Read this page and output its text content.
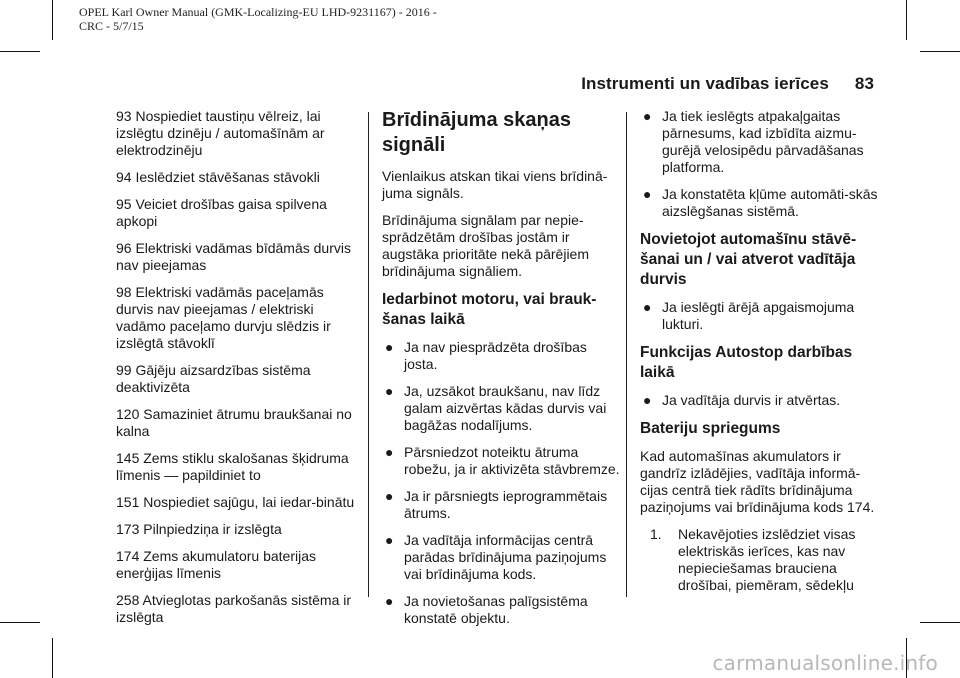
OPEL Karl Owner Manual (GMK-Localizing-EU LHD-9231167) - 2016 -
CRC - 5/7/15
Instrumenti un vadības ierīces 83

93 Nospiediet taustiņu vēlreiz, lai izslēgtu dzinēju / automašīnām ar elektrodzinēju

94 Ieslēdziet stāvēšanas stāvokli

95 Veiciet drošības gaisa spilvena apkopi

96 Elektriski vadāmas bīdāmās durvis nav pieejamas

98 Elektriski vadāmās paceļamās durvis nav pieejamas / elektriski vadāmo paceļamo durvju slēdzis ir izslēgtā stāvoklī

99 Gājēju aizsardzības sistēma deaktivizēta

120 Samaziniet ātrumu braukšanai no kalna

145 Zems stiklu skalošanas šķidruma līmenis — papildiniet to

151 Nospiediet sajūgu, lai iedar-binātu

173 Pilnpiedziņa ir izslēgta

174 Zems akumulatoru baterijas enerģijas līmenis

258 Atvieglotas parkošanās sistēma ir izslēgta

Brīdinājuma skaņas signāli

Vienlaikus atskan tikai viens brīdinā-juma signāls.

Brīdinājuma signālam par nepie-sprādzētām drošības jostām ir augstāka prioritāte nekā pārējiem brīdinājuma signāliem.

Iedarbinot motoru, vai brauk-šanas laikā
● Ja nav piesprādzēta drošības josta.
● Ja, uzsākot braukšanu, nav līdz galam aizvērtas kādas durvis vai bagāžas nodalījums.
● Pārsniedzot noteiktu ātruma robežu, ja ir aktivizēta stāvbremze.
● Ja ir pārsniegts ieprogrammētais ātrums.
● Ja vadītāja informācijas centrā parādas brīdinājuma paziņojums vai brīdinājuma kods.
● Ja novietošanas palīgsistēma konstatē objektu.
● Ja tiek ieslēgts atpakaļgaitas pārnesums, kad izbīdīta aizmu-gurējā velosipēdu pārvadāšanas platforma.
● Ja konstatēta kļūme automāti-skās aizslēgšanas sistēmā.
Novietojot automašīnu stāvē-šanai un / vai atverot vadītāja durvis
● Ja ieslēgti ārējā apgaismojuma lukturi.
Funkcijas Autostop darbības laikā
● Ja vadītāja durvis ir atvērtas.
Bateriju spriegums

Kad automašīnas akumulators ir gandrīz izlādējies, vadītāja informā-cijas centrā tiek rādīts brīdinājuma paziņojums vai brīdinājuma kods 174.

1.	Nekavējoties izslēdziet visas elektriskās ierīces, kas nav nepieciešamas brauciena drošībai, piemēram, sēdekļu
carmanualsonline.info
